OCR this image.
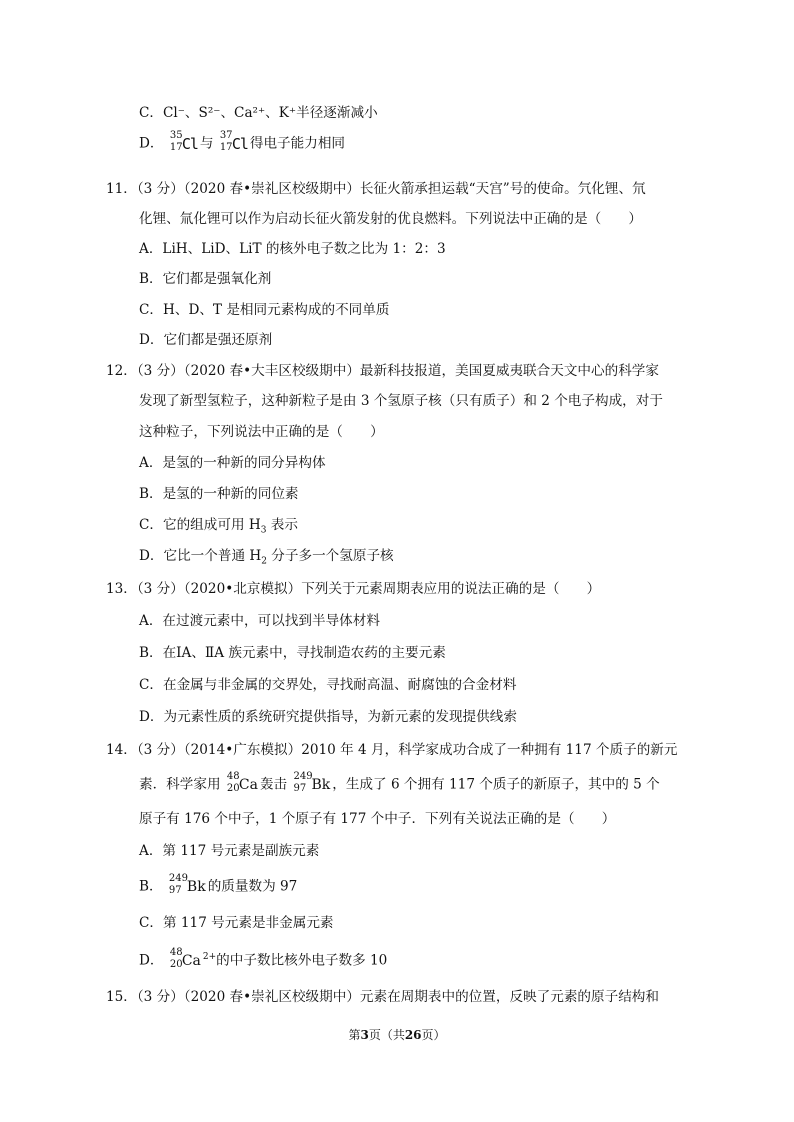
C．Cl⁻、S²⁻、Ca²⁺、K⁺半径逐渐减小
D． 35
17 Cl 与 37
17 Cl 得电子能力相同
11．（3 分）（2020 春•崇礼区校级期中）长征火箭承担运载“天宫”号的使命。氕化锂、氘
化锂、氚化锂可以作为启动长征火箭发射的优良燃料。下列说法中正确的是（　　）
A．LiH、LiD、LiT 的核外电子数之比为 1：2：3
B．它们都是强氧化剂
C．H、D、T 是相同元素构成的不同单质
D．它们都是强还原剂
12．（3 分）（2020 春•大丰区校级期中）最新科技报道，美国夏威夷联合天文中心的科学家
发现了新型氢粒子，这种新粒子是由 3 个氢原子核（只有质子）和 2 个电子构成，对于
这种粒子，下列说法中正确的是（　　）
A．是氢的一种新的同分异构体
B．是氢的一种新的同位素
C．它的组成可用 $H_3$ 表示
D．它比一个普通 $H_2$ 分子多一个氢原子核
13．（3 分）（2020•北京模拟）下列关于元素周期表应用的说法正确的是（　　）
A．在过渡元素中，可以找到半导体材料
B．在ⅠA、ⅡA 族元素中，寻找制造农药的主要元素
C．在金属与非金属的交界处，寻找耐高温、耐腐蚀的合金材料
D．为元素性质的系统研究提供指导，为新元素的发现提供线索
14．（3 分）（2014•广东模拟）2010 年 4 月，科学家成功合成了一种拥有 117 个质子的新元
素．科学家用 48
20 Ca 轰击 249
97 Bk ，生成了 6 个拥有 117 个质子的新原子，其中的 5 个
原子有 176 个中子，1 个原子有 177 个中子．下列有关说法正确的是（　　）
A．第 117 号元素是副族元素
B． 249
97 Bk 的质量数为 97
C．第 117 号元素是非金属元素
D． 48
20 Ca $^{2+}$的中子数比核外电子数多 10
15．（3 分）（2020 春•崇礼区校级期中）元素在周期表中的位置，反映了元素的原子结构和
第3页（共26页）
